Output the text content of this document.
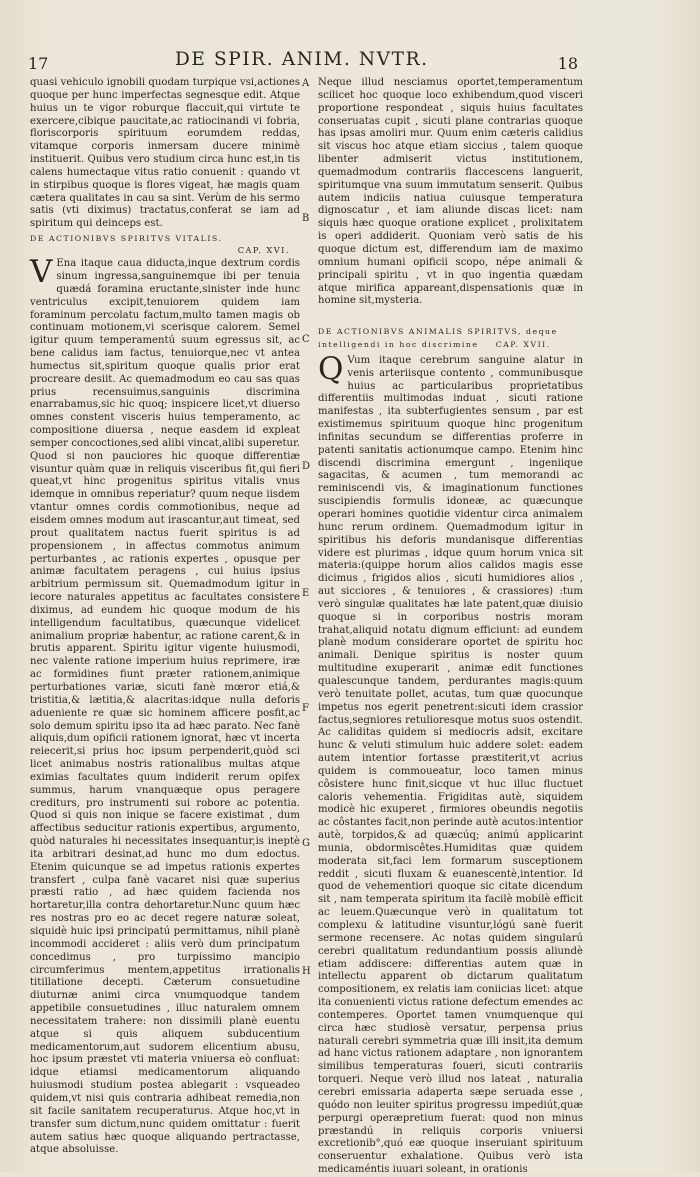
17	DE SPIR. ANIM. NVTR.	18
A
B
C
D
E
F
G
H

quasi vehiculo ignobili quodam turpique vsi,actiones quoque per hunc imperfectas segnesque edit. Atque huius un te vigor roburque flaccuit,qui virtute te exercere,cibique paucitate,ac ratiocinandi vi fobria, floriscorporis spirituum eorumdem reddas, vitamque corporis inmersam ducere minimè instituerit. Quibus vero studium circa hunc est,in tis calens humectaque vitus ratio conuenit : quando vt in stirpibus quoque is flores vigeat, hæ magis quam cætera qualitates in cau sa sint. Verùm de his sermo satis (vti diximus) tractatus,conferat se iam ad spiritum qui deinceps est.

DE ACTIONIBVS SPIRITVS VITALIS.
CAP. XVI.

V Ena itaque caua diducta,inque dextrum cordis sinum ingressa,sanguinemque ibi per tenuia quædá foramina eructante,sinister inde hunc ventriculus excipit,tenuiorem quidem iam foraminum percolatu factum,multo tamen magis ob continuam motionem,vi scerisque calorem. Semel igitur quum temperamentú suum egressus sit, ac bene calidus iam factus, tenuiorque,nec vt antea humectus sit,spiritum quoque qualis prior erat procreare desiit. Ac quemadmodum eo cau sas quas prius recensuimus,sanguinis discrimina enarrabamus,sic hic quoq; inspicere licet,vt diuerso omnes constent visceris huius temperamento, ac compositione diuersa , neque easdem id expleat semper concoctiones,sed alibi vincat,alibi superetur. Quod si non pauciores hic quoque differentiæ visuntur quàm quæ in reliquis visceribus fit,qui fieri queat,vt hinc progenitus spiritus vitalis vnus idemque in omnibus reperiatur? quum neque iisdem vtantur omnes cordis commotionibus, neque ad eisdem omnes modum aut irascantur,aut timeat, sed prout qualitatem nactus fuerit spiritus is ad propensionem , in affectus commotus animum perturbantes , ac rationis expertes , opusque per animæ facultatem peragens , cui huius ipsius arbitrium permissum sit. Quemadmodum igitur in iecore naturales appetitus ac facultates consistere diximus, ad eundem hic quoque modum de his intelligendum facultatibus, quæcunque videlicet animalium propriæ habentur, ac ratione carent,& in brutis apparent. Spiritu igitur vigente huiusmodi, nec valente ratione imperium huius reprimere, iræ ac formidines fiunt præter rationem,animique perturbationes variæ, sicuti fanè mœror etiá,& tristitia,& lætitia,& alacritas:idque nulla deforis adueniente re quæ sic hominem afficere posfit,ac solo demum spiritu ipso ita ad hæc parato. Nec fanè aliquis,dum opificii rationem ignorat, hæc vt incerta reiecerit,si prius hoc ipsum perpenderit,quòd sci licet animabus nostris rationalibus multas atque eximias facultates quum indiderit rerum opifex summus, harum vnanquæque opus peragere crediturs, pro instrumenti sui robore ac potentia. Quod si quis non inique se facere existimat , dum affectibus seducitur rationis expertibus, argumento, quòd naturales hi necessitates insequantur,is ineptè ita arbitrari desinat,ad hunc mo dum edoctus. Etenim quicunque se ad impetus rationis expertes transfert , culpa fanè vacaret nisi quæ superius præsti ratio , ad hæc quidem facienda nos hortaretur,illa contra dehortaretur.Nunc quum hæc res nostras pro eo ac decet regere naturæ soleat, siquidè huic ipsi principatú permittamus, nihil planè incommodi accideret : aliis verò dum principatum concedimus , pro turpissimo mancipio circumferimus mentem,appetitus irrationalis titillatione decepti. Cæterum consuetudine diuturnæ animi circa vnumquodque tandem appetibile consuetudines , illuc naturalem omnem necessitatem trahere: non dissimili planè euentu atque si quis aliquem subducentium medicamentorum,aut sudorem elicentium abusu, hoc ipsum præstet vti materia vniuersa eò confluat: idque etiamsi medicamentorum aliquando huiusmodi studium postea ablegarit : vsqueadeo quidem,vt nisi quis contraria adhibeat remedia,non sit facile sanitatem recuperaturus. Atque hoc,vt in transfer sum dictum,nunc quidem omittatur : fuerit autem satius hæc quoque aliquando pertractasse, atque absoluisse.

Neque illud nesciamus oportet,temperamentum scilicet hoc quoque loco exhibendum,quod visceri proportione respondeat , siquis huius facultates conseruatas cupit , sicuti plane contrarias quoque has ipsas amoliri mur. Quum enim cæteris calidius sit viscus hoc atque etiam siccius , talem quoque libenter admiserit victus institutionem, quemadmodum contrariis flaccescens languerit, spiritumque vna suum immutatum senserit. Quibus autem indiciis natiua cuiusque temperatura dignoscatur , et iam aliunde discas licet: nam siquis hæc quoque oratione explicet , prolixitatem is operi addiderit. Quoniam verò satis de his quoque dictum est, differendum iam de maximo omnium humani opificii scopo, népe animali & principali spiritu , vt in quo ingentia quædam atque mirifica appareant,dispensationis quæ in homine sit,mysteria.

DE ACTIONIBVS ANIMALIS SPIRITVS, deque intelligendi in hoc discrimine CAP. XVII.

Q Vum itaque cerebrum sanguine alatur in venis arteriisque contento , communibusque huius ac particularibus proprietatibus differentiis multimodas induat , sicuti ratione manifestas , ita subterfugientes sensum , par est existimemus spirituum quoque hinc progenitum infinitas secundum se differentias proferre in patenti sanitatis actionumque campo. Etenim hinc discendi discrimina emergunt , ingeniique sagacitas, & acumen , tum memorandi ac reminiscendi vis, & imaginationum functiones suscipiendis formulis idoneæ, ac quæcunque operari homines quotidie videntur circa animalem hunc rerum ordinem. Quemadmodum igitur in spiritibus his deforis mundanisque differentias videre est plurimas , idque quum horum vnica sit materia:(quippe horum alios calidos magis esse dicimus , frigidos alios , sicuti humidiores alios , aut sicciores , & tenuiores , & crassiores) :tum verò singulæ qualitates hæ late patent,quæ diuisio quoque si in corporibus nostris moram trahat,aliquid notatu dignum efficiunt: ad eundem planè modum considerare oportet de spiritu hoc animali. Denique spiritus is noster quum multitudine exuperarit , animæ edit functiones qualescunque tandem, perdurantes magis:quum verò tenuitate pollet, acutas, tum quæ quocunque impetus nos egerit penetrent:sicuti idem crassior factus,segniores retulioresque motus suos ostendit. Ac caliditas quidem si mediocris adsit, excitare hunc & veluti stimulum huic addere solet: eadem autem intentior fortasse præstiterit,vt acrius quidem is commoueatur, loco tamen minus côsistere hunc finit,sicque vt huc illuc fluctuet caloris vehementia. Frigiditas autè, siquidem modicè hic exuperet , firmiores obeundis negotiis ac côstantes facit,non perinde autè acutos:intentior autè, torpidos,& ad quæcúq; animú applicarint munia, obdormiscêtes.Humiditas quæ quidem moderata sit,faci lem formarum susceptionem reddit , sicuti fluxam & euanescentè,intentior. Id quod de vehementiori quoque sic citate dicendum sit , nam temperata spiritum ita facilè mobilè efficit ac leuem.Quæcunque verò in qualitatum tot complexu & latitudine visuntur,lógú sanè fuerit sermone recensere. Ac notas quidem singularú cerebri qualitatum redundantium possis aliundè etiam addiscere: differentias autem quæ in intellectu apparent ob dictarum qualitatum compositionem, ex relatis iam coniicias licet: atque ita conuenienti victus ratione defectum emendes ac contemperes. Oportet tamen vnumquenque qui circa hæc studiosè versatur, perpensa prius naturali cerebri symmetria quæ illi insit,ita demum ad hanc victus rationem adaptare , non ignorantem similibus temperaturas foueri, sicuti contrariis torqueri. Neque verò illud nos lateat , naturalia cerebri emissaria adaperta sæpe seruada esse , quódo non leuiter spiritus progressu impediút,quæ perpurgi operæpretium fuerat: quod non minus præstandú in reliquis corporis vniuersi excretionib°,quó eæ quoque inseruiant spirituum conseruentur exhalatione. Quibus verò ista medicaméntis iuuari soleant, in orationis
